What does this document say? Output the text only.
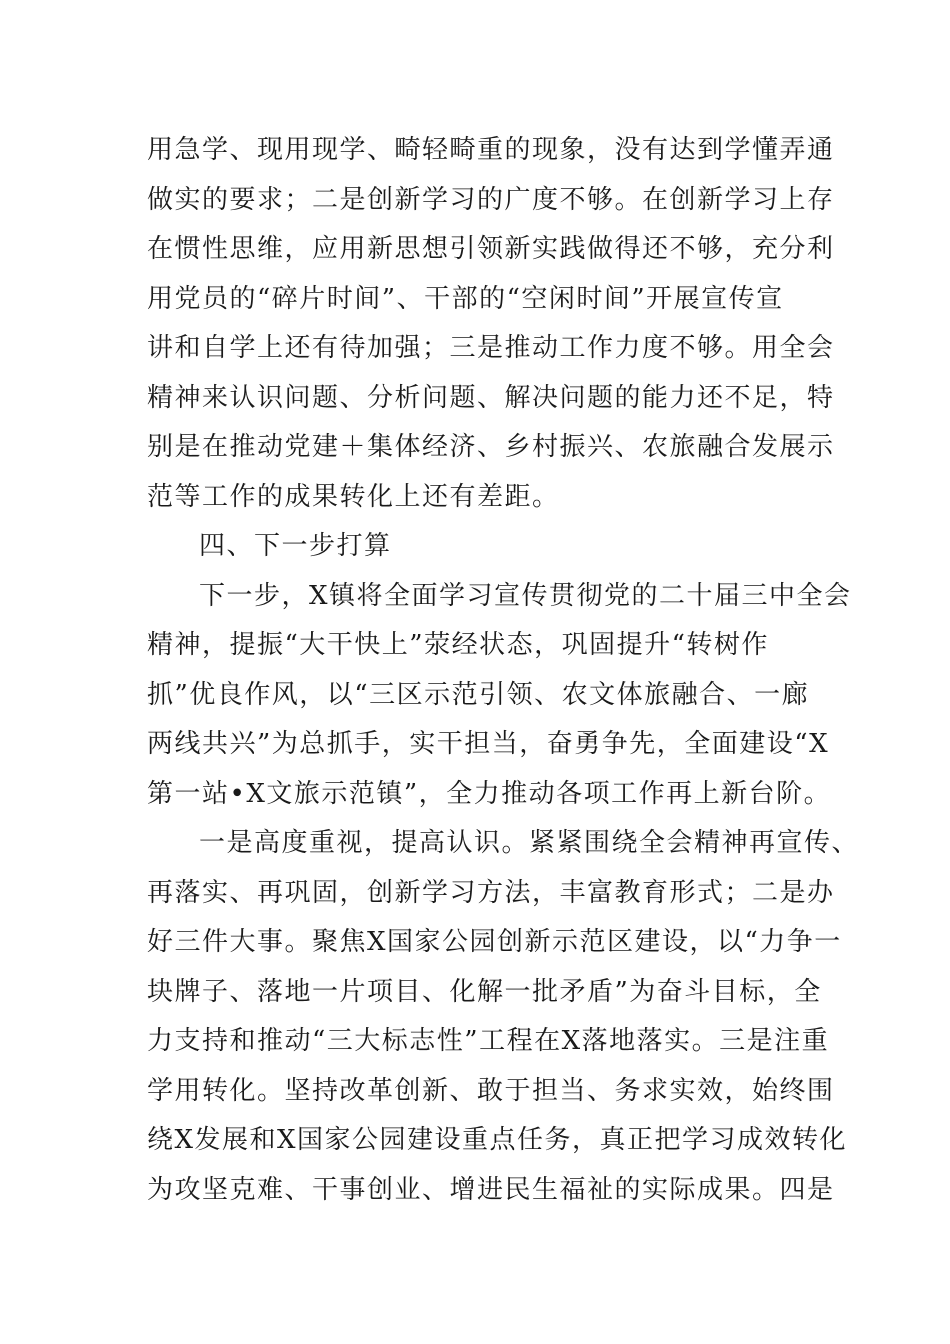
用急学、现用现学、畸轻畸重的现象，没有达到学懂弄通
做实的要求；二是创新学习的广度不够。在创新学习上存
在惯性思维，应用新思想引领新实践做得还不够，充分利
用党员的“碎片时间”、干部的“空闲时间”开展宣传宣
讲和自学上还有待加强；三是推动工作力度不够。用全会
精神来认识问题、分析问题、解决问题的能力还不足，特
别是在推动党建＋集体经济、乡村振兴、农旅融合发展示
范等工作的成果转化上还有差距。
四、下一步打算
下一步，X镇将全面学习宣传贯彻党的二十届三中全会
精神，提振“大干快上”荥经状态，巩固提升“转树作
抓”优良作风，以“三区示范引领、农文体旅融合、一廊
两线共兴”为总抓手，实干担当，奋勇争先，全面建设“X
第一站•X文旅示范镇”，全力推动各项工作再上新台阶。
一是高度重视，提高认识。紧紧围绕全会精神再宣传、
再落实、再巩固，创新学习方法，丰富教育形式；二是办
好三件大事。聚焦X国家公园创新示范区建设，以“力争一
块牌子、落地一片项目、化解一批矛盾”为奋斗目标，全
力支持和推动“三大标志性”工程在X落地落实。三是注重
学用转化。坚持改革创新、敢于担当、务求实效，始终围
绕X发展和X国家公园建设重点任务，真正把学习成效转化
为攻坚克难、干事创业、增进民生福祉的实际成果。四是
